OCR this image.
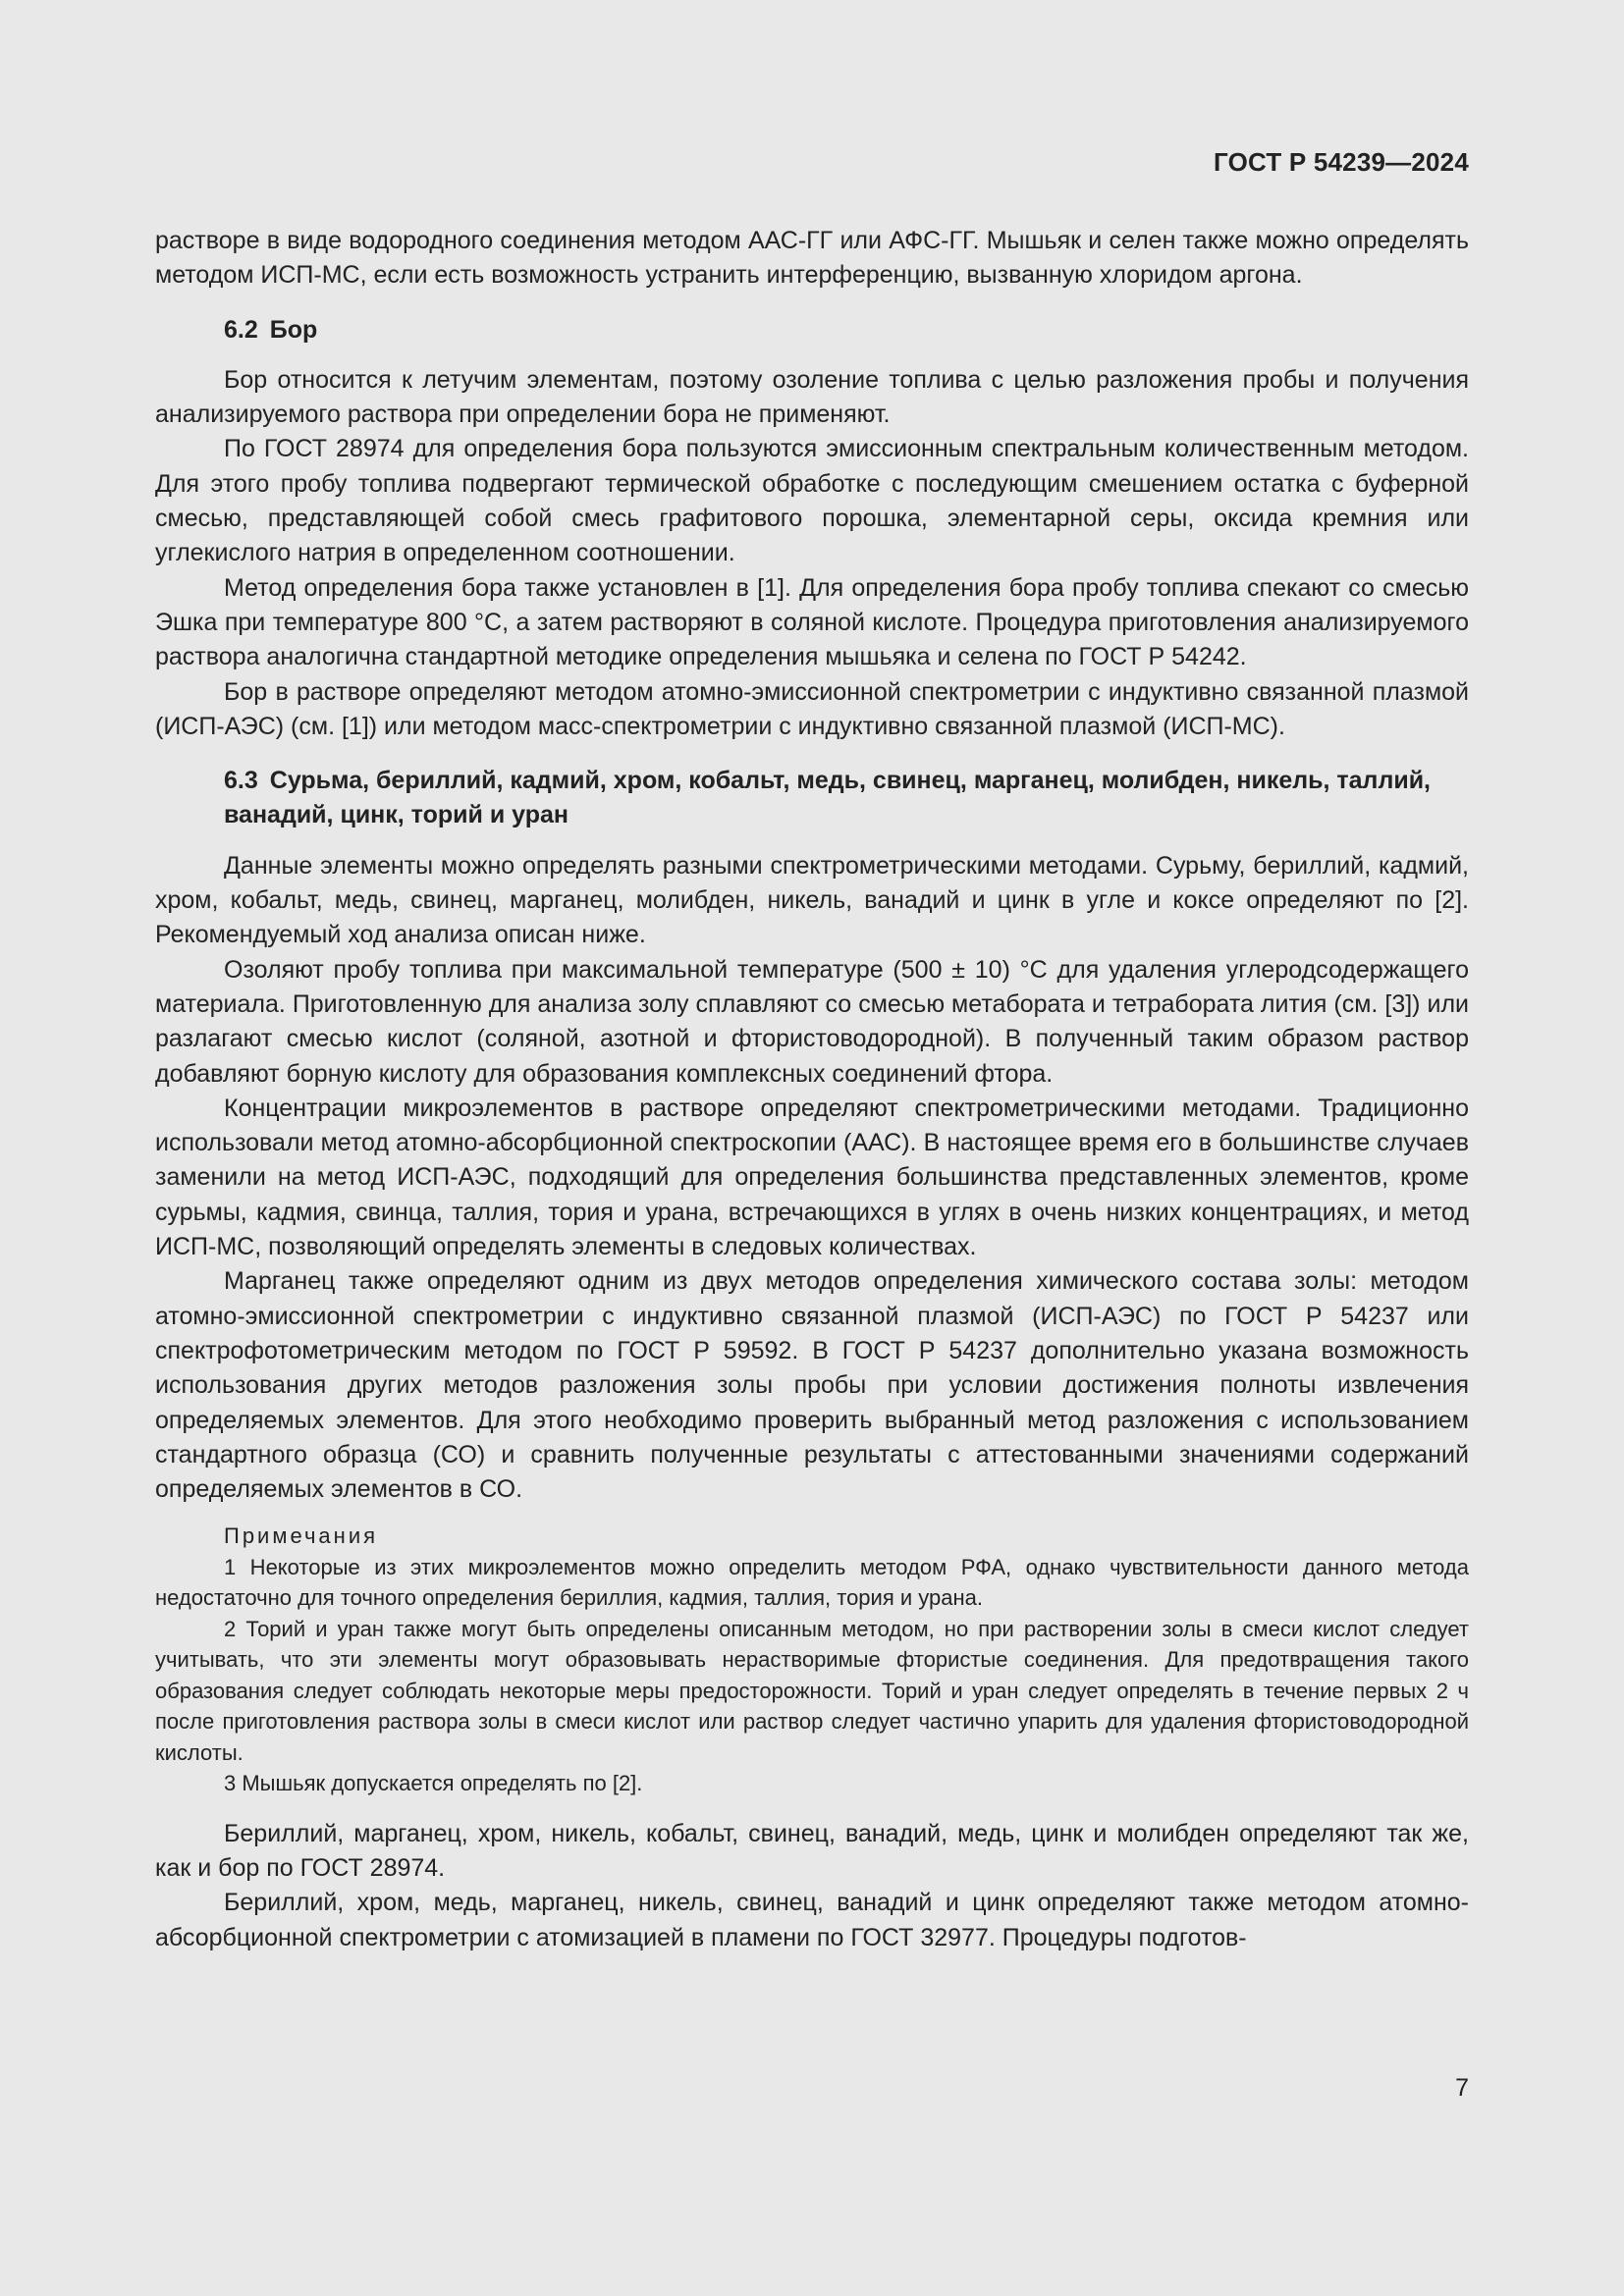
ГОСТ Р 54239—2024

растворе в виде водородного соединения методом ААС-ГГ или АФС-ГГ. Мышьяк и селен также можно определять методом ИСП-МС, если есть возможность устранить интерференцию, вызванную хлоридом аргона.

6.2 Бор

Бор относится к летучим элементам, поэтому озоление топлива с целью разложения пробы и получения анализируемого раствора при определении бора не применяют.

По ГОСТ 28974 для определения бора пользуются эмиссионным спектральным количественным методом. Для этого пробу топлива подвергают термической обработке с последующим смешением остатка с буферной смесью, представляющей собой смесь графитового порошка, элементарной серы, оксида кремния или углекислого натрия в определенном соотношении.

Метод определения бора также установлен в [1]. Для определения бора пробу топлива спекают со смесью Эшка при температуре 800 °С, а затем растворяют в соляной кислоте. Процедура приготовления анализируемого раствора аналогична стандартной методике определения мышьяка и селена по ГОСТ Р 54242.

Бор в растворе определяют методом атомно-эмиссионной спектрометрии с индуктивно связанной плазмой (ИСП-АЭС) (см. [1]) или методом масс-спектрометрии с индуктивно связанной плазмой (ИСП-МС).

6.3 Сурьма, бериллий, кадмий, хром, кобальт, медь, свинец, марганец, молибден, никель, таллий, ванадий, цинк, торий и уран

Данные элементы можно определять разными спектрометрическими методами. Сурьму, бериллий, кадмий, хром, кобальт, медь, свинец, марганец, молибден, никель, ванадий и цинк в угле и коксе определяют по [2]. Рекомендуемый ход анализа описан ниже.

Озоляют пробу топлива при максимальной температуре (500 ± 10) °С для удаления углеродсодержащего материала. Приготовленную для анализа золу сплавляют со смесью метабората и тетрабората лития (см. [3]) или разлагают смесью кислот (соляной, азотной и фтористоводородной). В полученный таким образом раствор добавляют борную кислоту для образования комплексных соединений фтора.

Концентрации микроэлементов в растворе определяют спектрометрическими методами. Традиционно использовали метод атомно-абсорбционной спектроскопии (ААС). В настоящее время его в большинстве случаев заменили на метод ИСП-АЭС, подходящий для определения большинства представленных элементов, кроме сурьмы, кадмия, свинца, таллия, тория и урана, встречающихся в углях в очень низких концентрациях, и метод ИСП-МС, позволяющий определять элементы в следовых количествах.

Марганец также определяют одним из двух методов определения химического состава золы: методом атомно-эмиссионной спектрометрии с индуктивно связанной плазмой (ИСП-АЭС) по ГОСТ Р 54237 или спектрофотометрическим методом по ГОСТ Р 59592. В ГОСТ Р 54237 дополнительно указана возможность использования других методов разложения золы пробы при условии достижения полноты извлечения определяемых элементов. Для этого необходимо проверить выбранный метод разложения с использованием стандартного образца (СО) и сравнить полученные результаты с аттестованными значениями содержаний определяемых элементов в СО.

Примечания

1 Некоторые из этих микроэлементов можно определить методом РФА, однако чувствительности данного метода недостаточно для точного определения бериллия, кадмия, таллия, тория и урана.

2 Торий и уран также могут быть определены описанным методом, но при растворении золы в смеси кислот следует учитывать, что эти элементы могут образовывать нерастворимые фтористые соединения. Для предотвращения такого образования следует соблюдать некоторые меры предосторожности. Торий и уран следует определять в течение первых 2 ч после приготовления раствора золы в смеси кислот или раствор следует частично упарить для удаления фтористоводородной кислоты.

3 Мышьяк допускается определять по [2].

Бериллий, марганец, хром, никель, кобальт, свинец, ванадий, медь, цинк и молибден определяют так же, как и бор по ГОСТ 28974.

Бериллий, хром, медь, марганец, никель, свинец, ванадий и цинк определяют также методом атомно-абсорбционной спектрометрии с атомизацией в пламени по ГОСТ 32977. Процедуры подготов-

7
